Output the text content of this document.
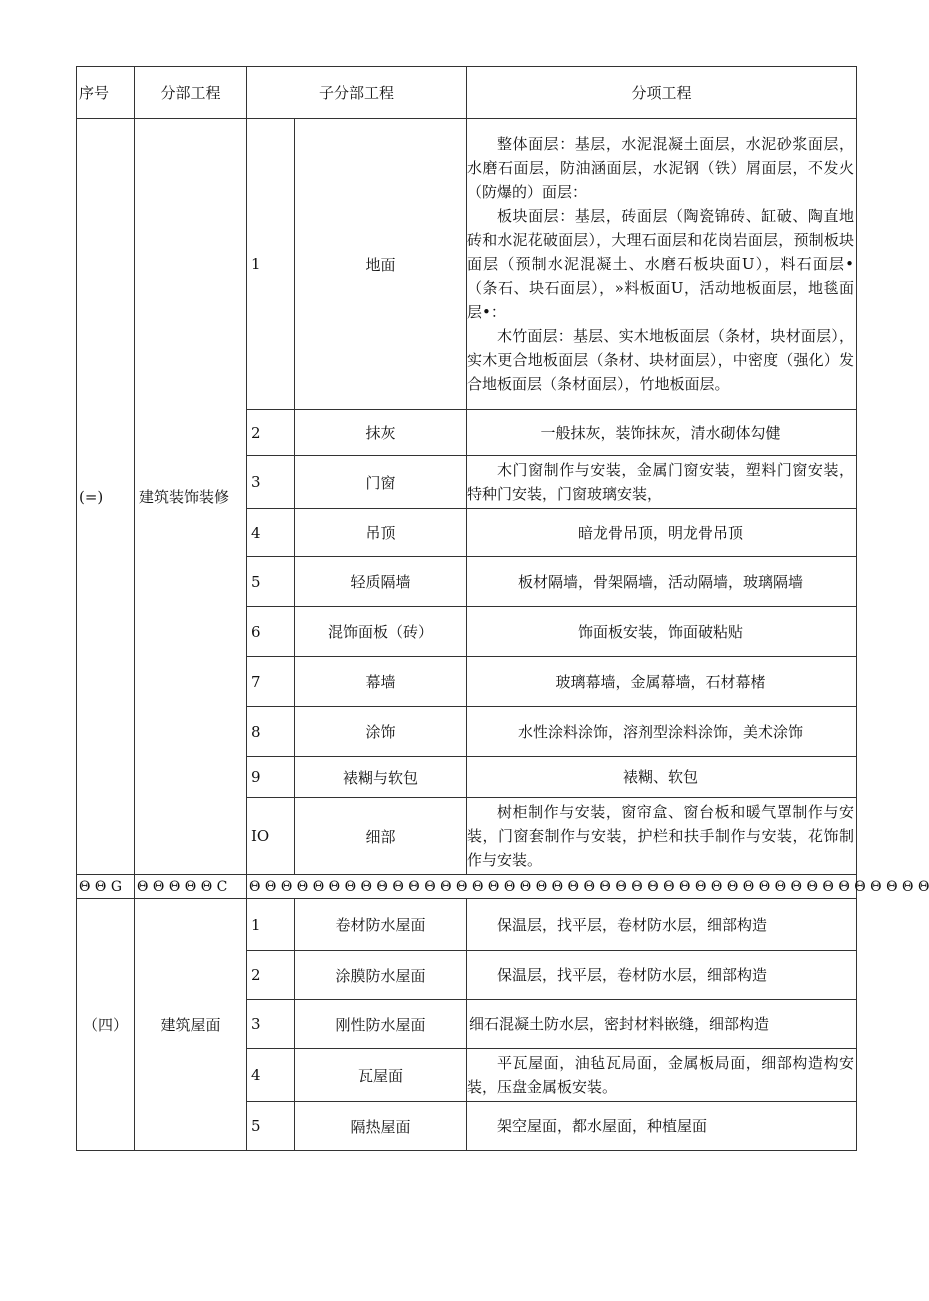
序号	分部工程	子分部工程		分项工程
(=)	建筑装饰装修	1	地面	整体面层：基层，水泥混凝土面层，水泥砂浆面层，水磨石面层，防油涵面层，水泥钢（铁）屑面层，不发火（防爆的）面层：

板块面层：基层，砖面层（陶瓷锦砖、缸破、陶直地砖和水泥花破面层），大理石面层和花岗岩面层，预制板块面层（预制水泥混凝土、水磨石板块面U），料石面层•（条石、块石面层），»料板面U，活动地板面层，地毯面层•：

木竹面层：基层、实木地板面层（条材，块材面层），实木更合地板面层（条材、块材面层），中密度（强化）发合地板面层（条材面层），竹地板面层。

		2	抹灰	一般抹灰，装饰抹灰，清水砌体勾健
		3	门窗	木门窗制作与安装，金属门窗安装，塑料门窗安装，特种门安装，门窗玻璃安装，

		4	吊顶	暗龙骨吊顶，明龙骨吊顶
		5	轻质隔墙	板材隔墙，骨架隔墙，活动隔墙，玻璃隔墙
		6	混饰面板（砖）	饰面板安装，饰面破粘贴
		7	幕墙	玻璃幕墙，金属幕墙，石材幕楮
		8	涂饰	水性涂料涂饰，溶剂型涂料涂饰，美术涂饰
		9	裱糊与软包	裱糊、软包
		IO	细部	树柜制作与安装，窗帘盒、窗台板和暖气罩制作与安装，门窗套制作与安装，护栏和扶手制作与安装，花饰制作与安装。

Θ Θ G	Θ Θ Θ Θ Θ C	Θ Θ Θ Θ Θ Θ Θ Θ Θ Θ Θ Θ Θ Θ Θ Θ Θ Θ Θ Θ Θ Θ Θ Θ Θ Θ Θ Θ Θ Θ Θ Θ Θ Θ Θ Θ Θ Θ Θ Θ Θ Θ Θ		
（四）	建筑屋面	1	卷材防水屋面	保温层，找平层，卷材防水层，细部构造

		2	涂膜防水屋面	保温层，找平层，卷材防水层，细部构造

		3	刚性防水屋面	细石混凝土防水层，密封材料嵌缝，细部构造
		4	瓦屋面	平瓦屋面，油毡瓦局面，金属板局面，细部构造构安装，压盘金属板安装。

		5	隔热屋面	架空屋面，都水屋面，种植屋面
